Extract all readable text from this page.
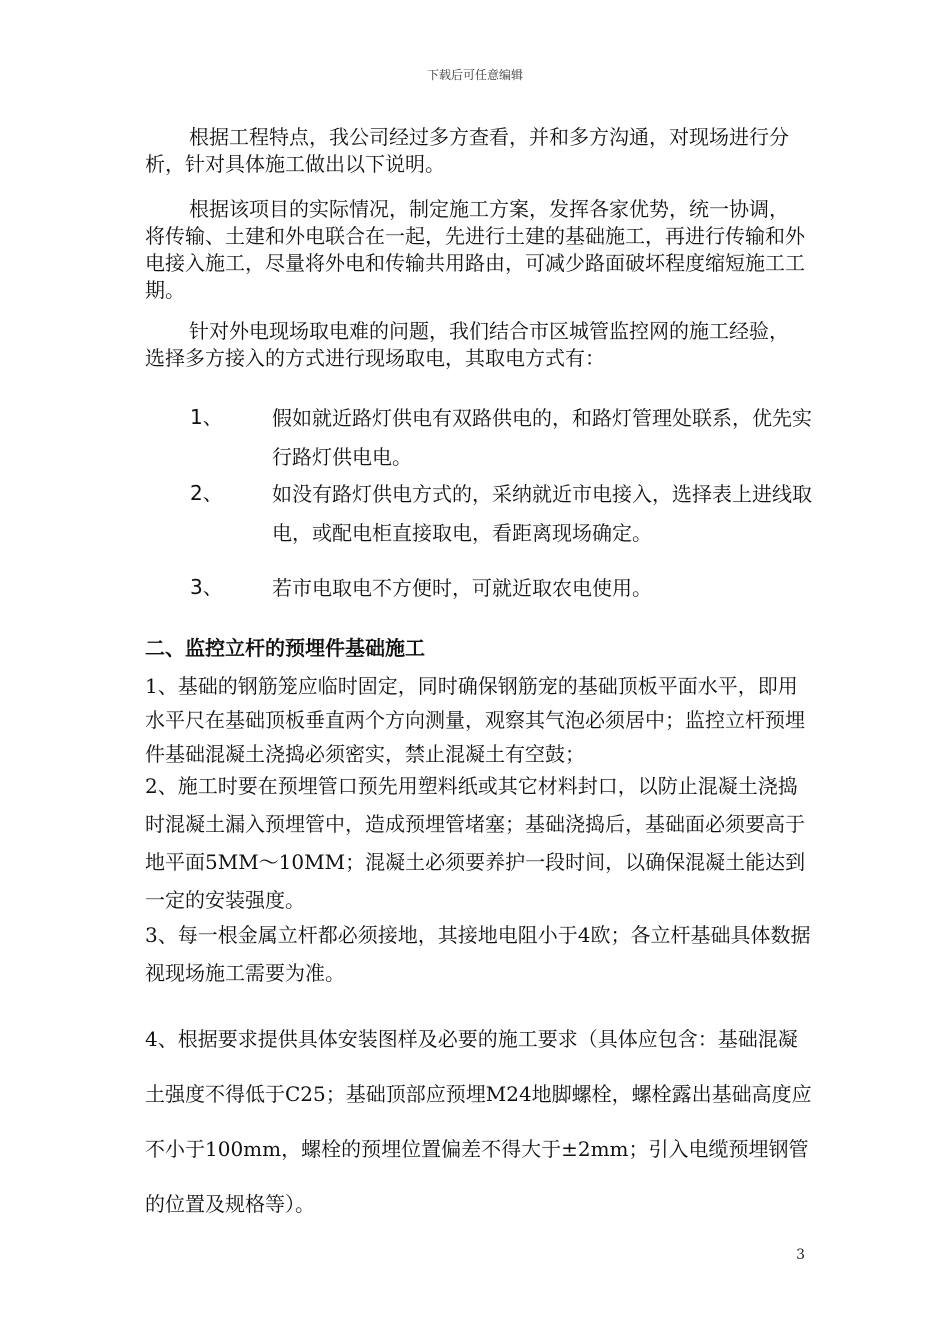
下载后可任意编辑

根据工程特点，我公司经过多方查看，并和多方沟通，对现场进行分析，针对具体施工做出以下说明。

根据该项目的实际情况，制定施工方案，发挥各家优势，统一协调，将传输、土建和外电联合在一起，先进行土建的基础施工，再进行传输和外电接入施工，尽量将外电和传输共用路由，可减少路面破坏程度缩短施工工期。

针对外电现场取电难的问题，我们结合市区城管监控网的施工经验，选择多方接入的方式进行现场取电，其取电方式有：

1、 假如就近路灯供电有双路供电的，和路灯管理处联系，优先实行路灯供电电。
2、 如没有路灯供电方式的，采纳就近市电接入，选择表上进线取电，或配电柜直接取电，看距离现场确定。
3、 若市电取电不方便时，可就近取农电使用。
二、监控立杆的预埋件基础施工

1、基础的钢筋笼应临时固定，同时确保钢筋宠的基础顶板平面水平，即用水平尺在基础顶板垂直两个方向测量，观察其气泡必须居中；监控立杆预埋件基础混凝土浇捣必须密实，禁止混凝土有空鼓；

2、施工时要在预埋管口预先用塑料纸或其它材料封口，以防止混凝土浇捣时混凝土漏入预埋管中，造成预埋管堵塞；基础浇捣后，基础面必须要高于地平面5MM～10MM；混凝土必须要养护一段时间，以确保混凝土能达到一定的安装强度。

3、每一根金属立杆都必须接地，其接地电阻小于4欧；各立杆基础具体数据视现场施工需要为准。

4、根据要求提供具体安装图样及必要的施工要求（具体应包含：基础混凝土强度不得低于C25；基础顶部应预埋M24地脚螺栓，螺栓露出基础高度应不小于100mm，螺栓的预埋位置偏差不得大于±2mm；引入电缆预埋钢管的位置及规格等）。

3
